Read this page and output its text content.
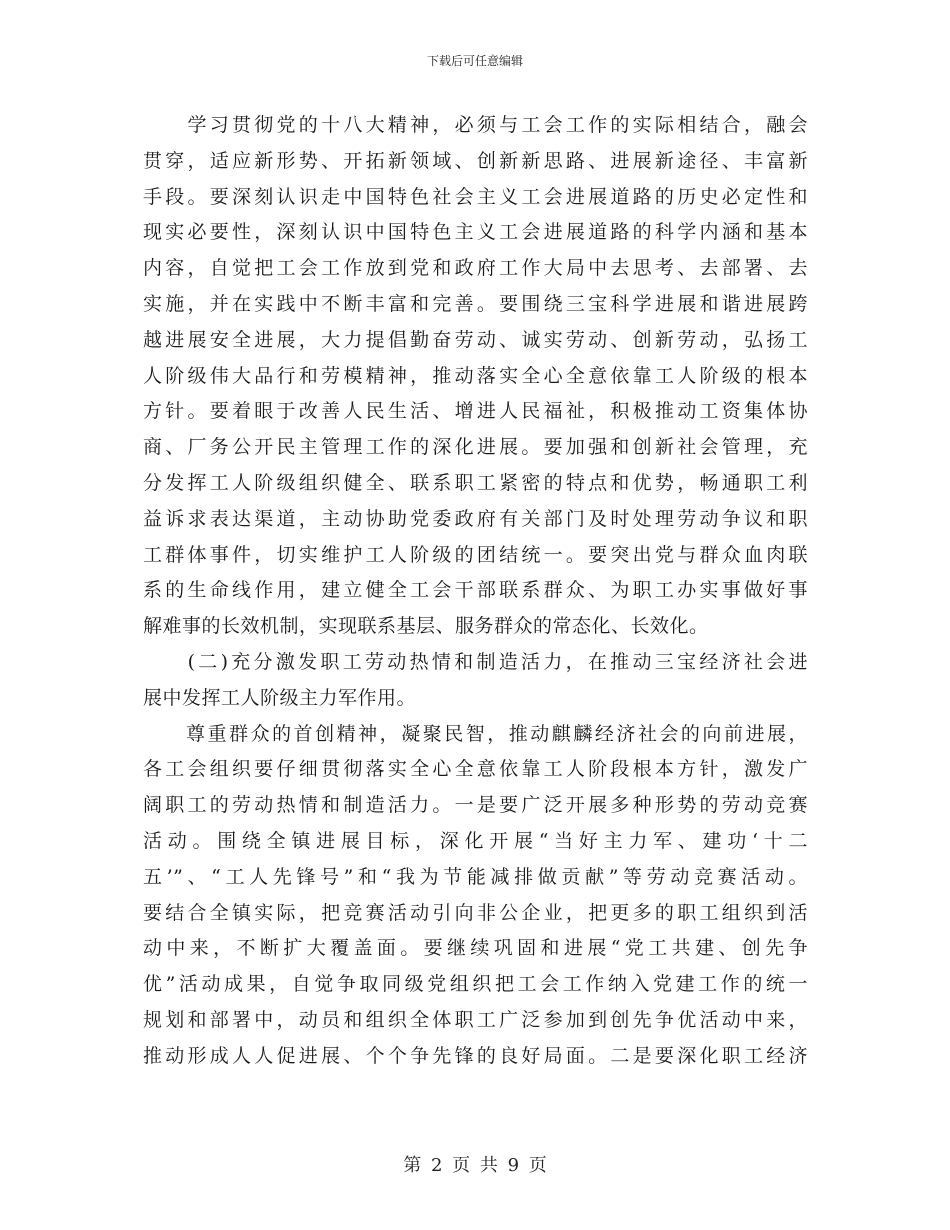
下载后可任意编辑
　　学习贯彻党的十八大精神，必须与工会工作的实际相结合，融会
贯穿，适应新形势、开拓新领域、创新新思路、进展新途径、丰富新
手段。要深刻认识走中国特色社会主义工会进展道路的历史必定性和
现实必要性，深刻认识中国特色主义工会进展道路的科学内涵和基本
内容，自觉把工会工作放到党和政府工作大局中去思考、去部署、去
实施，并在实践中不断丰富和完善。要围绕三宝科学进展和谐进展跨
越进展安全进展，大力提倡勤奋劳动、诚实劳动、创新劳动，弘扬工
人阶级伟大品行和劳模精神，推动落实全心全意依靠工人阶级的根本
方针。要着眼于改善人民生活、增进人民福祉，积极推动工资集体协
商、厂务公开民主管理工作的深化进展。要加强和创新社会管理，充
分发挥工人阶级组织健全、联系职工紧密的特点和优势，畅通职工利
益诉求表达渠道，主动协助党委政府有关部门及时处理劳动争议和职
工群体事件，切实维护工人阶级的团结统一。要突出党与群众血肉联
系的生命线作用，建立健全工会干部联系群众、为职工办实事做好事
解难事的长效机制，实现联系基层、服务群众的常态化、长效化。
　　(二)充分激发职工劳动热情和制造活力，在推动三宝经济社会进
展中发挥工人阶级主力军作用。
　　尊重群众的首创精神，凝聚民智，推动麒麟经济社会的向前进展，
各工会组织要仔细贯彻落实全心全意依靠工人阶段根本方针，激发广
阔职工的劳动热情和制造活力。一是要广泛开展多种形势的劳动竞赛
活动。围绕全镇进展目标，深化开展“当好主力军、建功‘十二
五’”、“工人先锋号”和“我为节能减排做贡献”等劳动竞赛活动。
要结合全镇实际，把竞赛活动引向非公企业，把更多的职工组织到活
动中来，不断扩大覆盖面。要继续巩固和进展“党工共建、创先争
优”活动成果，自觉争取同级党组织把工会工作纳入党建工作的统一
规划和部署中，动员和组织全体职工广泛参加到创先争优活动中来，
推动形成人人促进展、个个争先锋的良好局面。二是要深化职工经济
第 2 页 共 9 页
